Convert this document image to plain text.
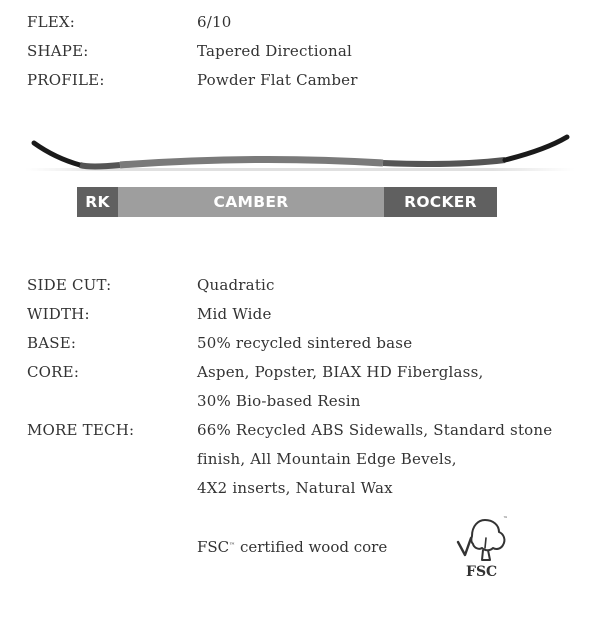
FLEX:	6/10
SHAPE:	Tapered Directional
PROFILE:	Powder Flat Camber
RK	CAMBER	ROCKER
SIDE CUT:	Quadratic
WIDTH:	Mid Wide
BASE:	50% recycled sintered base
CORE:	Aspen, Popster, BIAX HD Fiberglass,
30% Bio-based Resin
MORE TECH:	66% Recycled ABS Sidewalls, Standard stone
finish, All Mountain Edge Bevels,
4X2 inserts, Natural Wax
FSC™ certified wood core
™
FSC
